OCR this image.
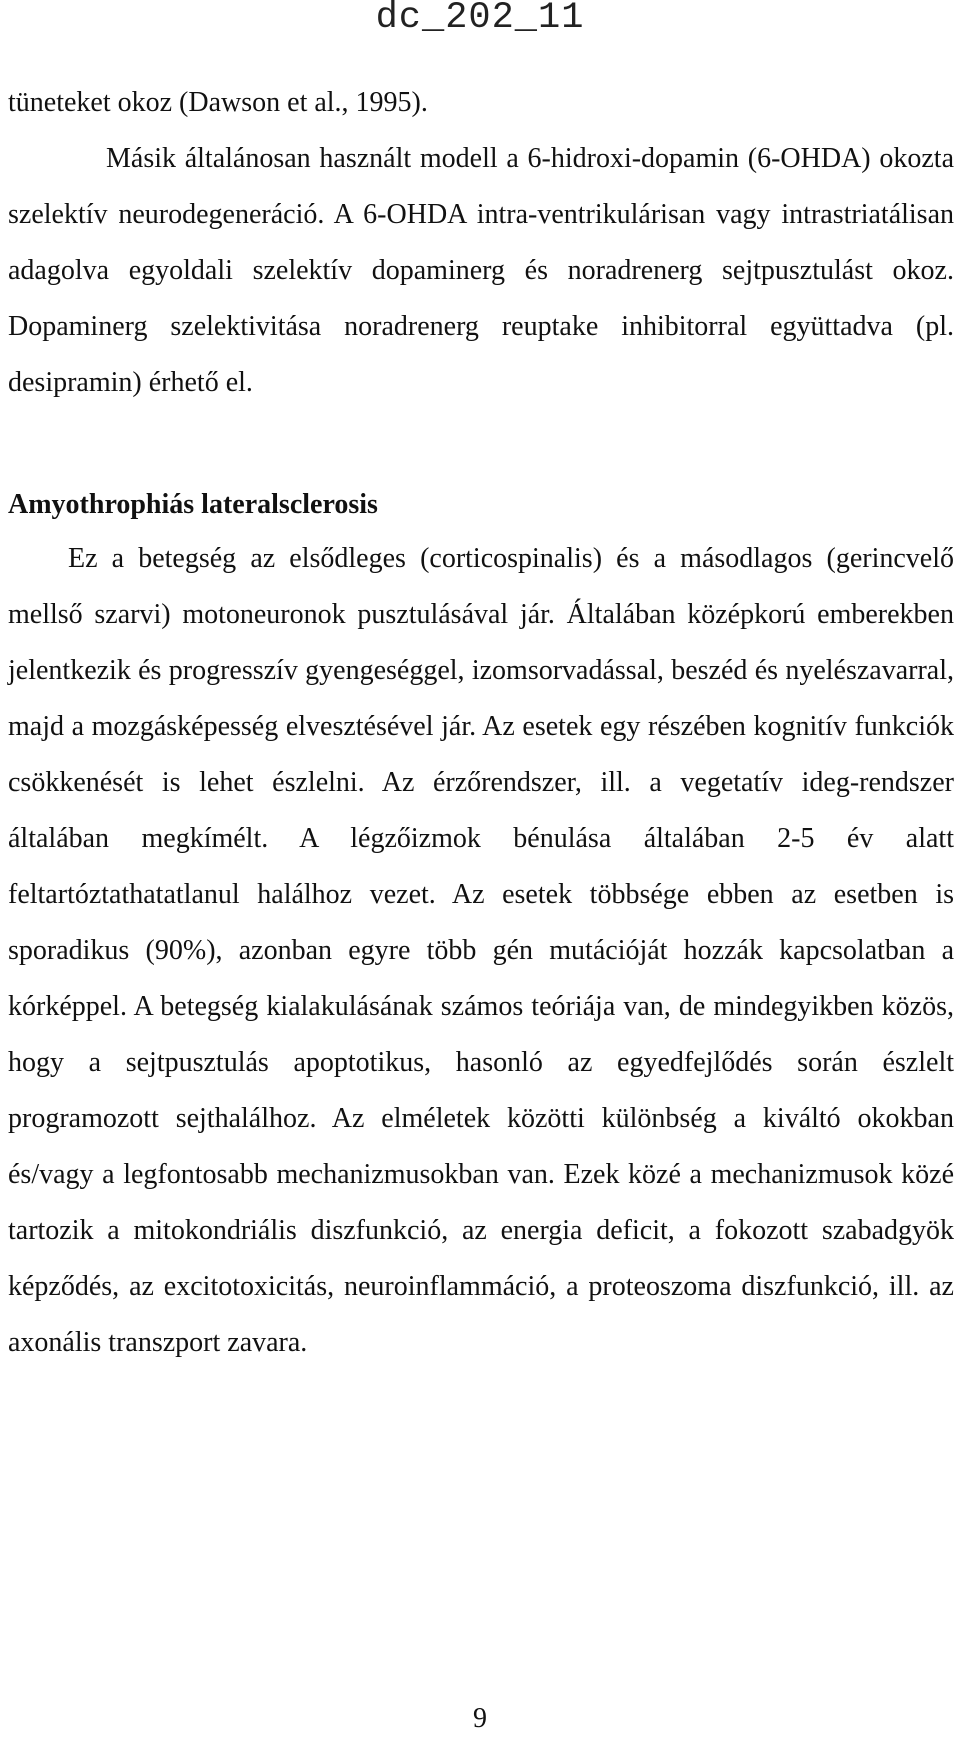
dc_202_11

tüneteket okoz (Dawson et al., 1995).

Másik általánosan használt modell a 6-hidroxi-dopamin (6-OHDA) okozta szelektív neurodegeneráció. A 6-OHDA intra-ventrikulárisan vagy intrastriatálisan adagolva egyoldali szelektív dopaminerg és noradrenerg sejtpusztulást okoz. Dopaminerg szelektivitása noradrenerg reuptake inhibitorral együttadva (pl. desipramin) érhető el.

Amyothrophiás lateralsclerosis

Ez a betegség az elsődleges (corticospinalis) és a másodlagos (gerincvelő mellső szarvi) motoneuronok pusztulásával jár. Általában középkorú emberekben jelentkezik és progresszív gyengeséggel, izomsorvadással, beszéd és nyelészavarral, majd a mozgásképesség elvesztésével jár. Az esetek egy részében kognitív funkciók csökkenését is lehet észlelni. Az érzőrendszer, ill. a vegetatív ideg-rendszer általában megkímélt. A légzőizmok bénulása általában 2-5 év alatt feltartóztathatatlanul halálhoz vezet. Az esetek többsége ebben az esetben is sporadikus (90%), azonban egyre több gén mutációját hozzák kapcsolatban a kórképpel. A betegség kialakulásának számos teóriája van, de mindegyikben közös, hogy a sejtpusztulás apoptotikus, hasonló az egyedfejlődés során észlelt programozott sejthalálhoz. Az elméletek közötti különbség a kiváltó okokban és/vagy a legfontosabb mechanizmusokban van. Ezek közé a mechanizmusok közé tartozik a mitokondriális diszfunkció, az energia deficit, a fokozott szabadgyök képződés, az excitotoxicitás, neuroinflammáció, a proteoszoma diszfunkció, ill. az axonális transzport zavara.

9
